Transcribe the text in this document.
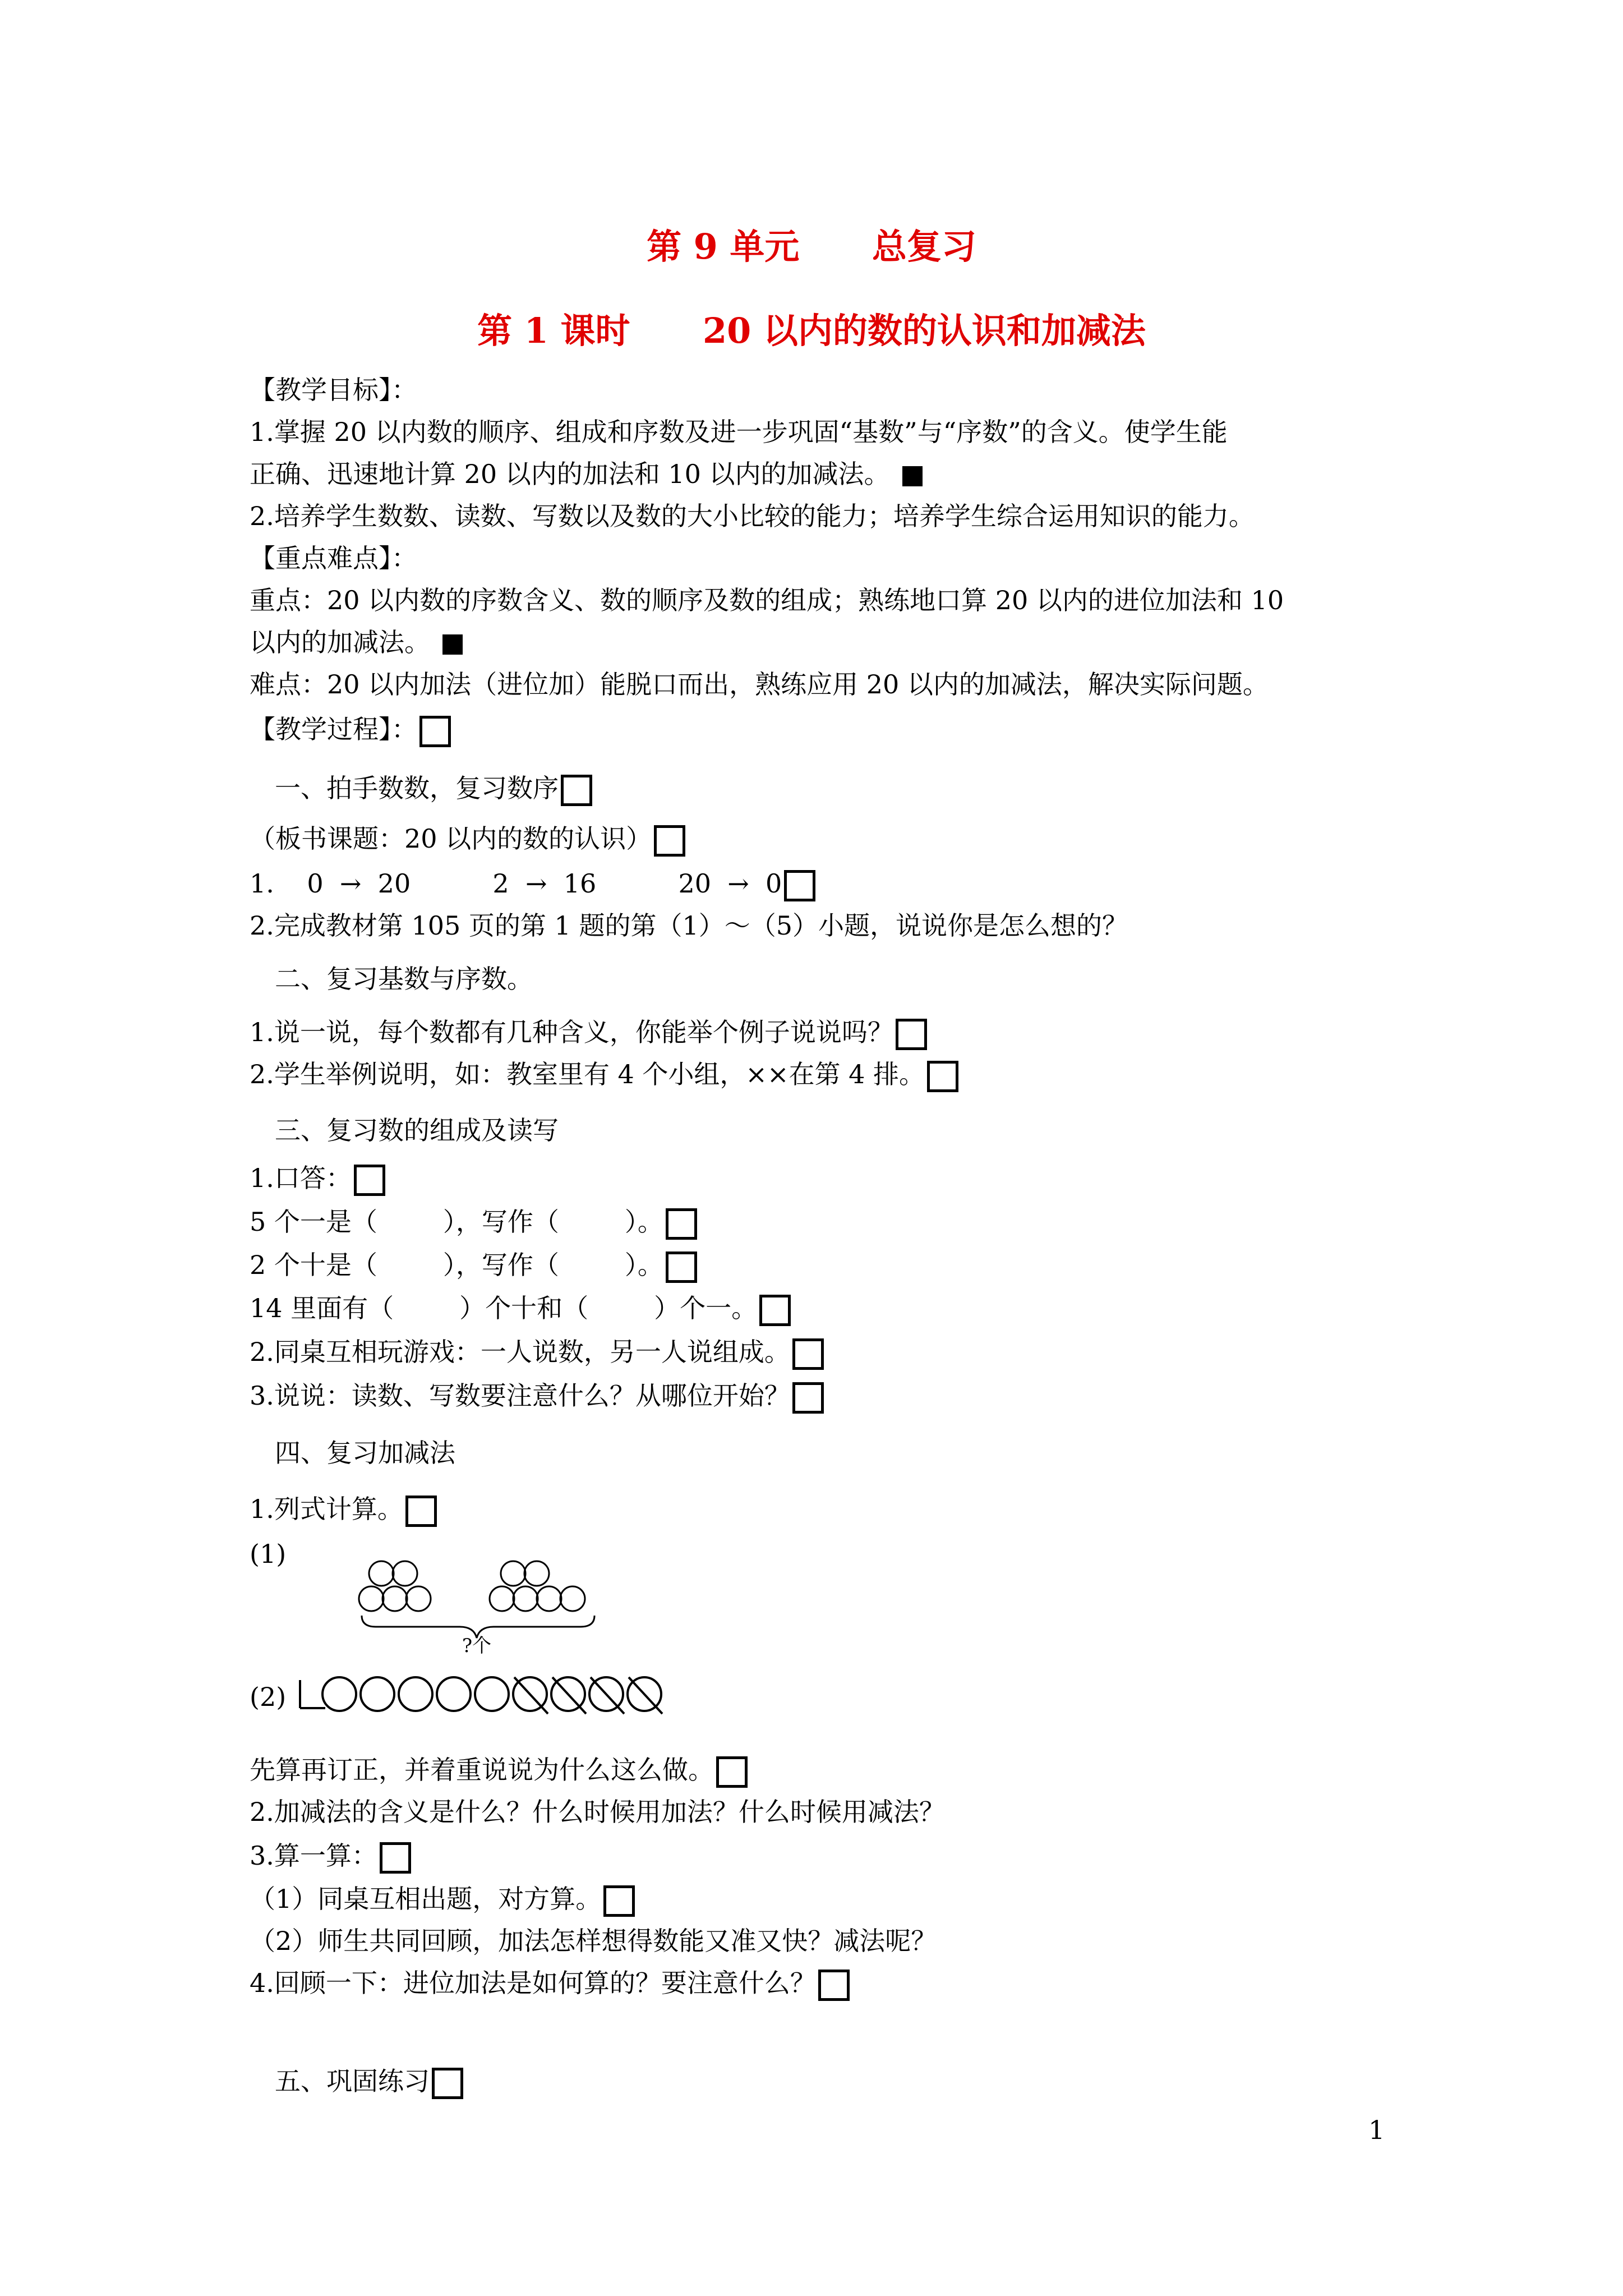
第 9 单元      总复习
第 1 课时      20 以内的数的认识和加减法
【教学目标】：
1.掌握 20 以内数的顺序、组成和序数及进一步巩固“基数”与“序数”的含义。使学生能
正确、迅速地计算 20 以内的加法和 10 以内的加减法。
2.培养学生数数、读数、写数以及数的大小比较的能力；培养学生综合运用知识的能力。
【重点难点】：
重点：20 以内数的序数含义、数的顺序及数的组成；熟练地口算 20 以内的进位加法和 10
以内的加减法。
难点：20 以内加法（进位加）能脱口而出，熟练应用 20 以内的加减法，解决实际问题。
【教学过程】：
一、拍手数数，复习数序
（板书课题：20 以内的数的认识）
1.    0  →  20          2  →  16          20  →  0
2.完成教材第 105 页的第 1 题的第（1）～（5）小题，说说你是怎么想的？
二、复习基数与序数。
1.说一说，每个数都有几种含义，你能举个例子说说吗？
2.学生举例说明，如：教室里有 4 个小组，××在第 4 排。
三、复习数的组成及读写
1.口答：
5 个一是（        ），写作（        ）。
2 个十是（        ），写作（        ）。
14 里面有（        ）个十和（        ）个一。
2.同桌互相玩游戏：一人说数，另一人说组成。
3.说说：读数、写数要注意什么？从哪位开始？
四、复习加减法
1.列式计算。
(1)
?个
(2)
先算再订正，并着重说说为什么这么做。
2.加减法的含义是什么？什么时候用加法？什么时候用减法？
3.算一算：
（1）同桌互相出题，对方算。
（2）师生共同回顾，加法怎样想得数能又准又快？减法呢？
4.回顾一下：进位加法是如何算的？要注意什么？
五、巩固练习
1
